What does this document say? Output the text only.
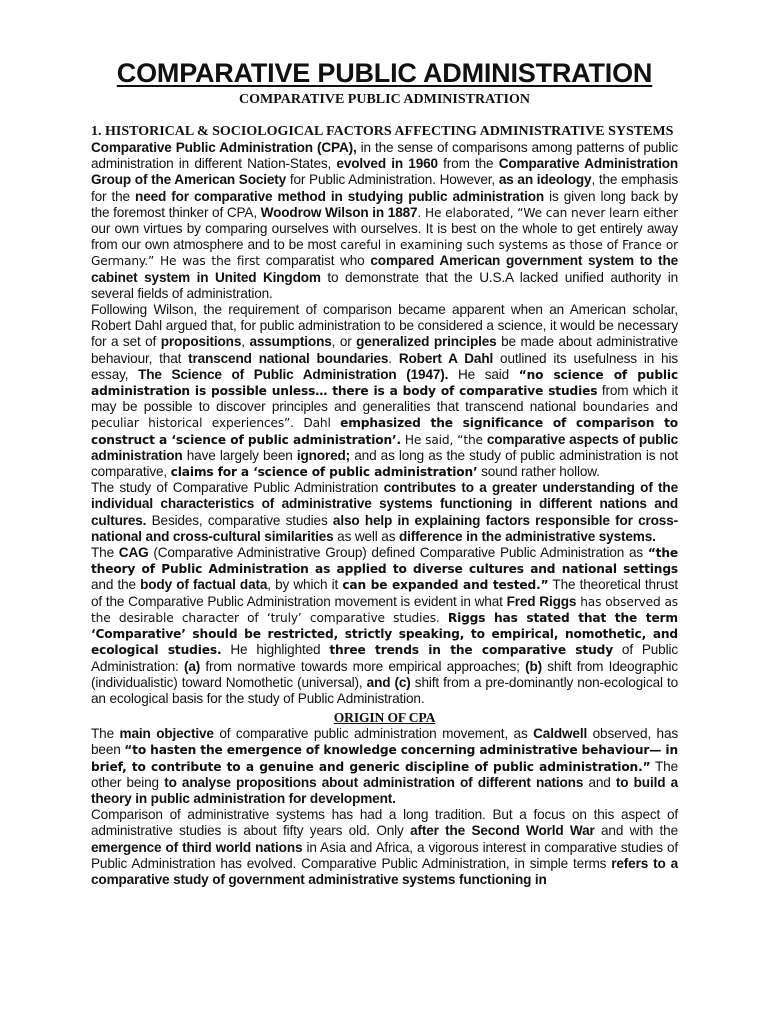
COMPARATIVE PUBLIC ADMINISTRATION
COMPARATIVE PUBLIC ADMINISTRATION
1. HISTORICAL & SOCIOLOGICAL FACTORS AFFECTING ADMINISTRATIVE SYSTEMS

Comparative Public Administration (CPA), in the sense of comparisons among patterns of public administration in different Nation-States, evolved in 1960 from the Comparative Administration Group of the American Society for Public Administration. However, as an ideology, the emphasis for the need for comparative method in studying public administration is given long back by the foremost thinker of CPA, Woodrow Wilson in 1887. He elaborated, “We can never learn either our own virtues by comparing ourselves with ourselves. It is best on the whole to get entirely away from our own atmosphere and to be most careful in examining such systems as those of France or Germany.” He was the first comparatist who compared American government system to the cabinet system in United Kingdom to demonstrate that the U.S.A lacked unified authority in several fields of administration.

Following Wilson, the requirement of comparison became apparent when an American scholar, Robert Dahl argued that, for public administration to be considered a science, it would be necessary for a set of propositions, assumptions, or generalized principles be made about administrative behaviour, that transcend national boundaries. Robert A Dahl outlined its usefulness in his essay, The Science of Public Administration (1947). He said “no science of public administration is possible unless… there is a body of comparative studies from which it may be possible to discover principles and generalities that transcend national boundaries and peculiar historical experiences”. Dahl emphasized the significance of comparison to construct a ‘science of public administration’. He said, “the comparative aspects of public administration have largely been ignored; and as long as the study of public administration is not comparative, claims for a ‘science of public administration’ sound rather hollow.

The study of Comparative Public Administration contributes to a greater understanding of the individual characteristics of administrative systems functioning in different nations and cultures. Besides, comparative studies also help in explaining factors responsible for cross-national and cross-cultural similarities as well as difference in the administrative systems.

The CAG (Comparative Administrative Group) defined Comparative Public Administration as “the theory of Public Administration as applied to diverse cultures and national settings and the body of factual data, by which it can be expanded and tested.” The theoretical thrust of the Comparative Public Administration movement is evident in what Fred Riggs has observed as the desirable character of ‘truly’ comparative studies. Riggs has stated that the term ‘Comparative’ should be restricted, strictly speaking, to empirical, nomothetic, and ecological studies. He highlighted three trends in the comparative study of Public Administration: (a) from normative towards more empirical approaches; (b) shift from Ideographic (individualistic) toward Nomothetic (universal), and (c) shift from a pre-dominantly non-ecological to an ecological basis for the study of Public Administration.

ORIGIN OF CPA

The main objective of comparative public administration movement, as Caldwell observed, has been “to hasten the emergence of knowledge concerning administrative behaviour— in brief, to contribute to a genuine and generic discipline of public administration.” The other being to analyse propositions about administration of different nations and to build a theory in public administration for development.

Comparison of administrative systems has had a long tradition. But a focus on this aspect of administrative studies is about fifty years old. Only after the Second World War and with the emergence of third world nations in Asia and Africa, a vigorous interest in comparative studies of Public Administration has evolved. Comparative Public Administration, in simple terms refers to a comparative study of government administrative systems functioning in
